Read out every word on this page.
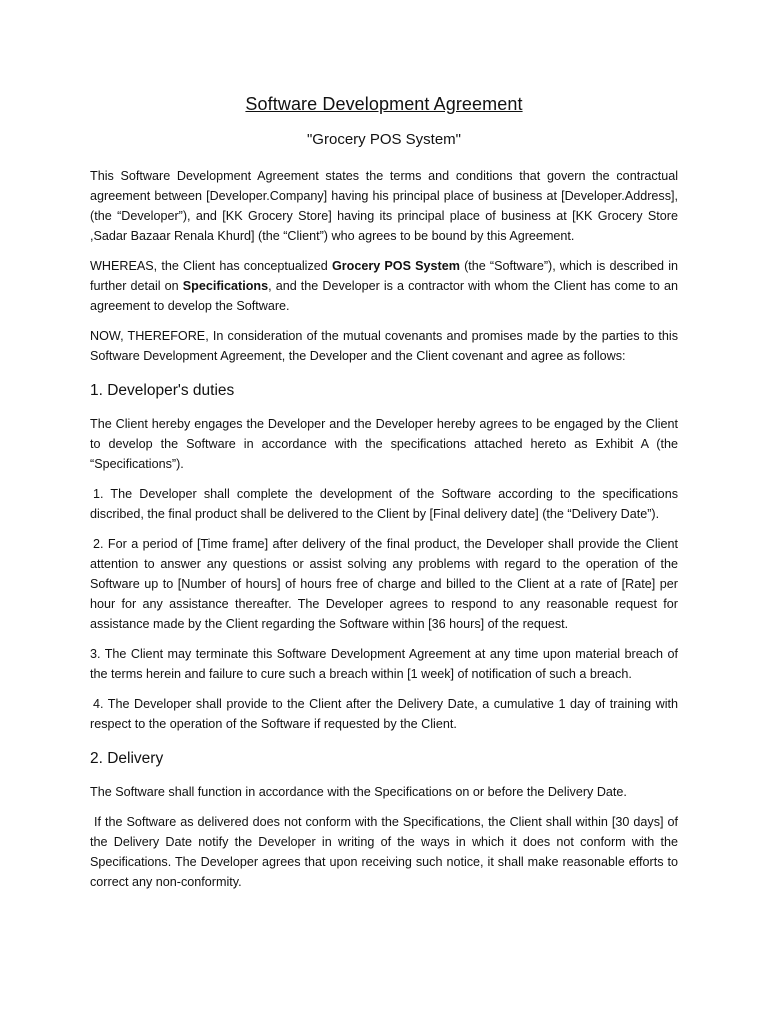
Software Development Agreement
"Grocery POS System"

This Software Development Agreement states the terms and conditions that govern the contractual agreement between [Developer.Company] having his principal place of business at [Developer.Address], (the “Developer”), and [KK Grocery Store] having its principal place of business at [KK Grocery Store ,Sadar Bazaar Renala Khurd] (the “Client”) who agrees to be bound by this Agreement.

WHEREAS, the Client has conceptualized Grocery POS System (the “Software”), which is described in further detail on Specifications, and the Developer is a contractor with whom the Client has come to an agreement to develop the Software.

NOW, THEREFORE, In consideration of the mutual covenants and promises made by the parties to this Software Development Agreement, the Developer and the Client covenant and agree as follows:

1. Developer's duties

The Client hereby engages the Developer and the Developer hereby agrees to be engaged by the Client to develop the Software in accordance with the specifications attached hereto as Exhibit A (the “Specifications”).

1. The Developer shall complete the development of the Software according to the specifications discribed, the final product shall be delivered to the Client by [Final delivery date] (the “Delivery Date”).

2. For a period of [Time frame] after delivery of the final product, the Developer shall provide the Client attention to answer any questions or assist solving any problems with regard to the operation of the Software up to [Number of hours] of hours free of charge and billed to the Client at a rate of [Rate] per hour for any assistance thereafter. The Developer agrees to respond to any reasonable request for assistance made by the Client regarding the Software within [36 hours] of the request.

3. The Client may terminate this Software Development Agreement at any time upon material breach of the terms herein and failure to cure such a breach within [1 week] of notification of such a breach.

4. The Developer shall provide to the Client after the Delivery Date, a cumulative 1 day of training with respect to the operation of the Software if requested by the Client.

2. Delivery

The Software shall function in accordance with the Specifications on or before the Delivery Date.

If the Software as delivered does not conform with the Specifications, the Client shall within [30 days] of the Delivery Date notify the Developer in writing of the ways in which it does not conform with the Specifications. The Developer agrees that upon receiving such notice, it shall make reasonable efforts to correct any non-conformity.
